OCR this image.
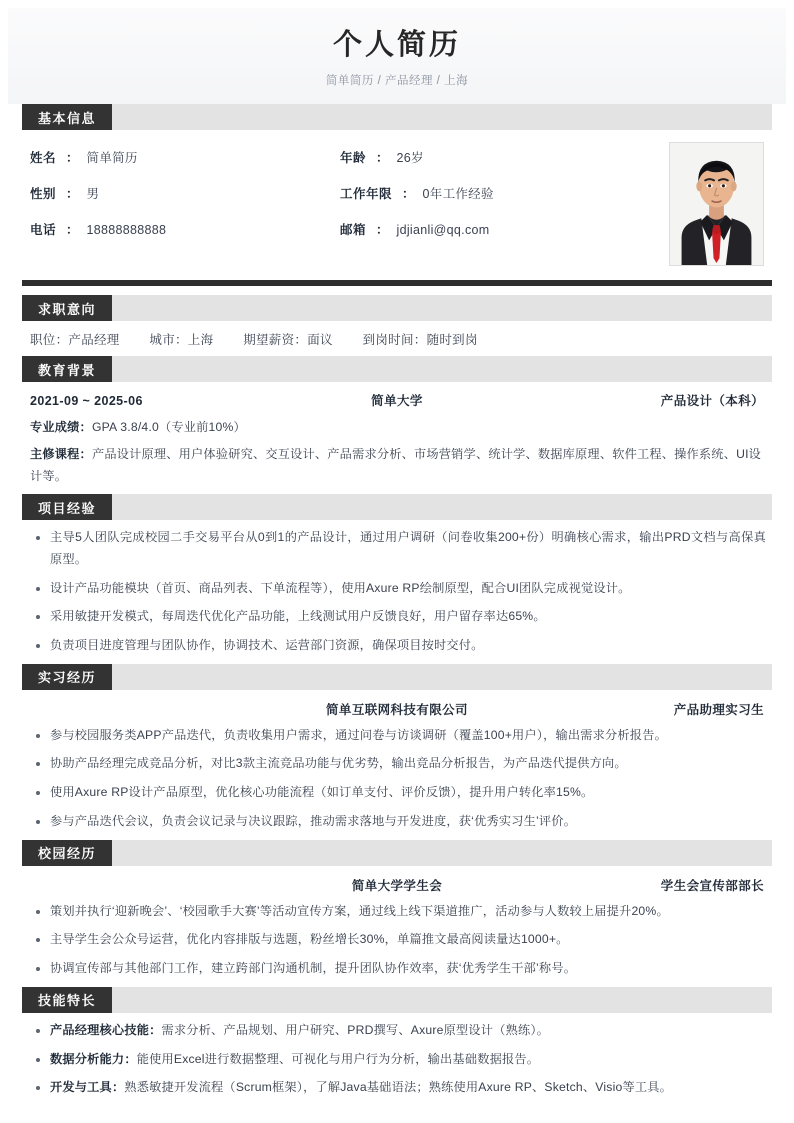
个人简历
简单简历 / 产品经理 / 上海
基本信息
姓名 ： 简单简历	年龄 ： 26岁
性别 ： 男	工作年限 ： 0年工作经验
电话 ： 18888888888	邮箱 ： jdjianli@qq.com
求职意向
职位：产品经理 城市：上海 期望薪资：面议 到岗时间：随时到岗
教育背景
2021-09 ~ 2025-06	简单大学	产品设计（本科）
专业成绩：GPA 3.8/4.0（专业前10%）
主修课程：产品设计原理、用户体验研究、交互设计、产品需求分析、市场营销学、统计学、数据库原理、软件工程、操作系统、UI设计等。
项目经验
主导5人团队完成校园二手交易平台从0到1的产品设计，通过用户调研（问卷收集200+份）明确核心需求，输出PRD文档与高保真原型。
设计产品功能模块（首页、商品列表、下单流程等），使用Axure RP绘制原型，配合UI团队完成视觉设计。
采用敏捷开发模式，每周迭代优化产品功能，上线测试用户反馈良好，用户留存率达65%。
负责项目进度管理与团队协作，协调技术、运营部门资源，确保项目按时交付。
实习经历
简单互联网科技有限公司	产品助理实习生
参与校园服务类APP产品迭代，负责收集用户需求，通过问卷与访谈调研（覆盖100+用户），输出需求分析报告。
协助产品经理完成竞品分析，对比3款主流竞品功能与优劣势，输出竞品分析报告，为产品迭代提供方向。
使用Axure RP设计产品原型，优化核心功能流程（如订单支付、评价反馈），提升用户转化率15%。
参与产品迭代会议，负责会议记录与决议跟踪，推动需求落地与开发进度，获‘优秀实习生’评价。
校园经历
简单大学学生会	学生会宣传部部长
策划并执行‘迎新晚会’、‘校园歌手大赛’等活动宣传方案，通过线上线下渠道推广，活动参与人数较上届提升20%。
主导学生会公众号运营，优化内容排版与选题，粉丝增长30%，单篇推文最高阅读量达1000+。
协调宣传部与其他部门工作，建立跨部门沟通机制，提升团队协作效率，获‘优秀学生干部’称号。
技能特长
产品经理核心技能：需求分析、产品规划、用户研究、PRD撰写、Axure原型设计（熟练）。
数据分析能力：能使用Excel进行数据整理、可视化与用户行为分析，输出基础数据报告。
开发与工具：熟悉敏捷开发流程（Scrum框架），了解Java基础语法；熟练使用Axure RP、Sketch、Visio等工具。
